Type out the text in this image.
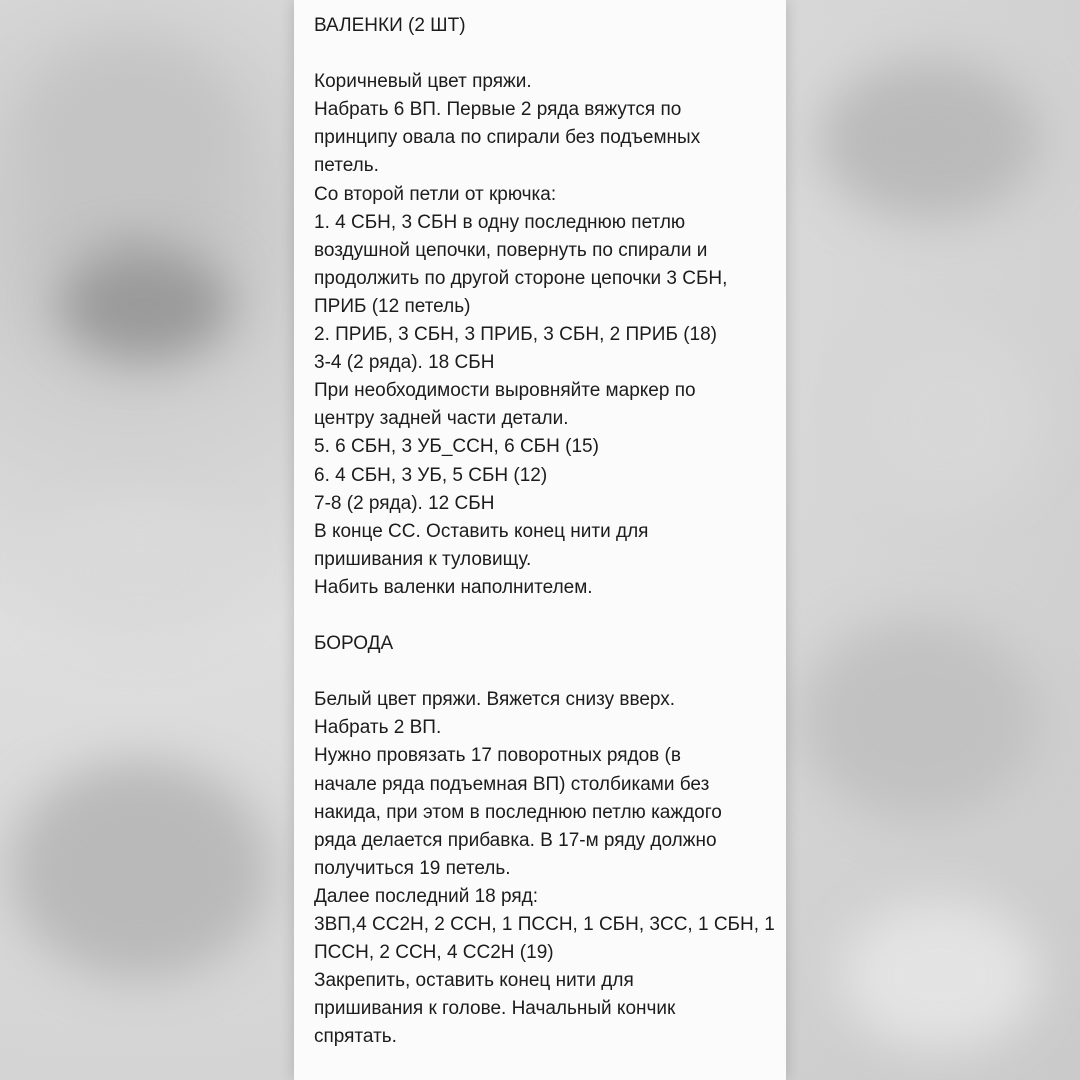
ВАЛЕНКИ (2 ШТ)
Коричневый цвет пряжи.
Набрать 6 ВП. Первые 2 ряда вяжутся по
принципу овала по спирали без подъемных
петель.
Со второй петли от крючка:
1. 4 СБН, 3 СБН в одну последнюю петлю
воздушной цепочки, повернуть по спирали и
продолжить по другой стороне цепочки 3 СБН,
ПРИБ (12 петель)
2. ПРИБ, 3 СБН, 3 ПРИБ, 3 СБН, 2 ПРИБ (18)
3-4 (2 ряда). 18 СБН
При необходимости выровняйте маркер по
центру задней части детали.
5. 6 СБН, 3 УБ_ССН, 6 СБН (15)
6. 4 СБН, 3 УБ, 5 СБН (12)
7-8 (2 ряда). 12 СБН
В конце СС. Оставить конец нити для
пришивания к туловищу.
Набить валенки наполнителем.
БОРОДА
Белый цвет пряжи. Вяжется снизу вверх.
Набрать 2 ВП.
Нужно провязать 17 поворотных рядов (в
начале ряда подъемная ВП) столбиками без
накида, при этом в последнюю петлю каждого
ряда делается прибавка. В 17-м ряду должно
получиться 19 петель.
Далее последний 18 ряд:
3ВП,4 СС2Н, 2 ССН, 1 ПССН, 1 СБН, 3СС, 1 СБН, 1
ПССН, 2 ССН, 4 СС2Н (19)
Закрепить, оставить конец нити для
пришивания к голове. Начальный кончик
спрятать.
